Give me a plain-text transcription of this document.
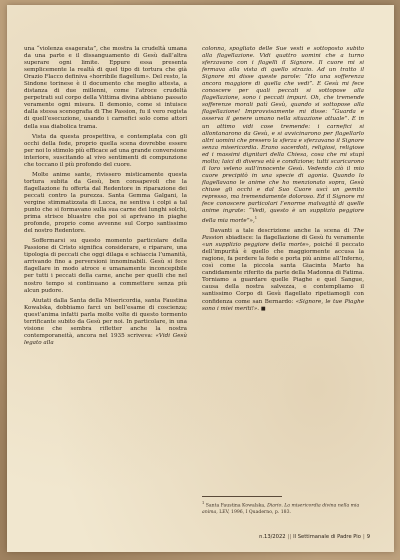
una “violenza esagerata”, che mostra la crudeltà umana da una parte e il dissanguamento di Gesù dall’altra superare ogni limite. Eppure essa presenta semplicemente la realtà di quel tipo di tortura che già Orazio Flacco definiva «horribile flagellum». Del resto, la Sindone torinese è il documento che meglio attesta, a distanza di due millenni, come l’atroce crudeltà perpetrati sul corpo della Vittima divina abbiano passato veramente ogni misura. Il demonio, come si intuisce dalla stessa scenografia di The Passion, fu il vero regista di quell’esecuzione, usando i carnefici solo come attori della sua diabolica trama.

Vista da questa prospettiva, e contemplata con gli occhi della fede, proprio quella scena dovrebbe essere per noi lo stimolo più efficace ad una grande conversione interiore, suscitando al vivo sentimenti di compunzione che toccano il più profondo del cuore.

Molte anime sante, rivissero misticamente questa tortura subita da Gesù, ben consapevoli che la flagellazione fu offerta dal Redentore in riparazione dei peccati contro la purezza. Santa Gemma Galgani, la vergine stimmatizzata di Lucca, ne sentiva i colpi a tal punto che si formavano sulla sua carne dei lunghi solchi, prima strisce bluastre che poi si aprivano in piaghe profonde, proprio come avvenne sul Corpo santissimo del nostro Redentore.

Soffermarsi su questo momento particolare della Passione di Cristo significa considerare, e riparare, una tipologia di peccati che oggi dilaga e schiaccia l’umanità, arrivando fino a perversioni innominabili. Gesù si fece flagellare in modo atroce e umanamente inconcepibile per tutti i peccati della carne, anche per quelli che nel nostro tempo si continuano a commettere senza più alcun pudore.

Aiutati dalla Santa della Misericordia, santa Faustina Kowalska, dobbiamo farci un bell’esame di coscienza; quest’anima infatti parla molte volte di questo tormento terrificante subito da Gesù per noi. In particolare, in una visione che sembra rifletter anche la nostra contemporaneità, ancora nel 1935 scriveva: «Vidi Gesù legato alla

colonna, spogliato delle Sue vesti e sottoposto subito alla flagellazione. Vidi quattro uomini che a turno sferzavano con i flagelli il Signore. Il cuore mi si fermava alla vista di quello strazio. Ad un tratto il Signore mi disse queste parole: “Ho una sofferenza ancora maggiore di quella che vedi”. E Gesù mi fece conoscere per quali peccati si sottopose alla flagellazione, sono i peccati impuri. Oh, che tremende sofferenze morali patì Gesù, quando si sottopose alla flagellazione! Improvvisamente mi disse: “Guarda e osserva il genere umano nella situazione attuale”. E in un attimo vidi cose tremende: i carnefici si allontanarono da Gesù, e si avvicinarono per flagellarlo altri uomini che presero la sferza e sferzavano il Signore senza misericordia. Erano sacerdoti, religiosi, religiose ed i massimi dignitari della Chiesa, cosa che mi stupì molto; laici di diversa età e condizione; tutti scaricarono il loro veleno sull’innocente Gesù. Vedendo ciò il mio cuore precipitò in una specie di agonia. Quando lo flagellavano le anime che ho menzionato sopra, Gesù chiuse gli occhi e dal Suo Cuore uscì un gemito represso, ma tremendamente doloroso. Ed il Signore mi fece conoscere particolari l’enorme malvagità di quelle anime ingrate: “Vedi, questo è un supplizio peggiore della mia morte”»,$^1$

Davanti a tale descrizione anche la scena di The Passion sbiadisce: la flagellazione di Gesù fu veramente «un supplizio peggiore della morte», poiché il peccato dell’impurità è quello che maggiormente accusa la ragione, fa perdere la fede e porta più anime all’Inferno, così come la piccola santa Giacinta Marto ha candidamente riferito da parte della Madonna di Fatima. Torniamo a guardare quelle Piaghe e quel Sangue, causa della nostra salvezza, e contempliamo il santissimo Corpo di Gesù flagellato ripetiamogli con confidenza come san Bernardo: «Signore, le tue Piaghe sono i miei meriti!». ■

$^1$ Santa Faustina Kowalska, Diario. La misericordia divina nella mia anima, LEV, 1996, I Quaderno, p. 183.
n.13/2022 || Il Settimanale di Padre Pio | 9
